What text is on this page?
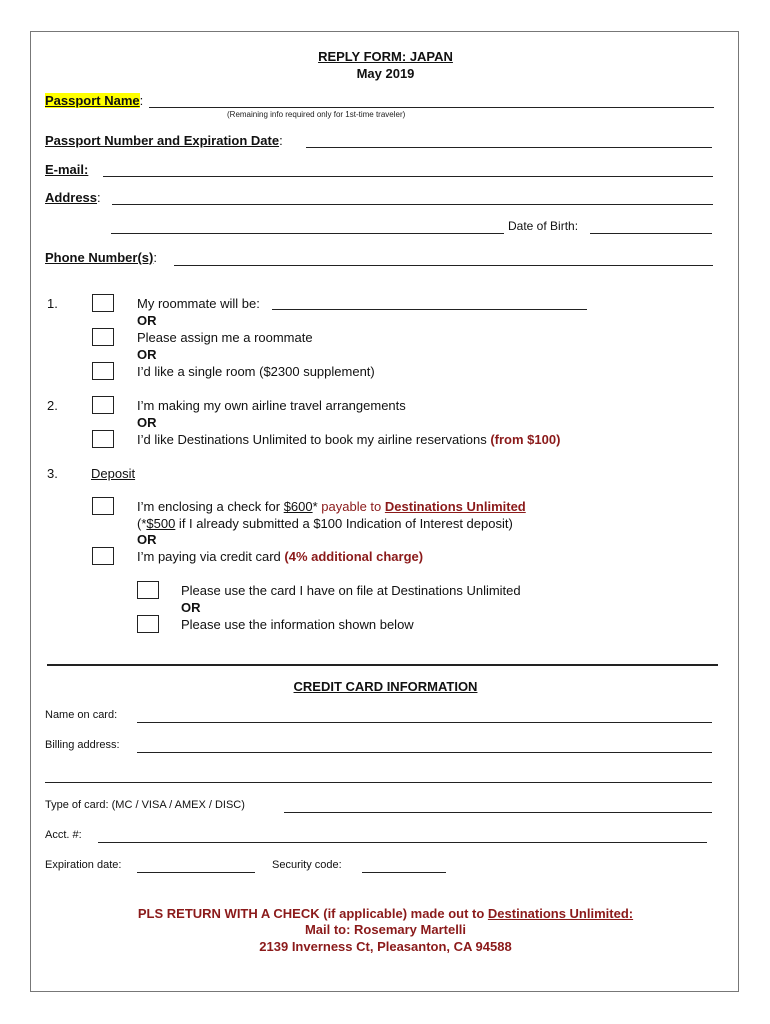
REPLY FORM: JAPAN
May 2019
Passport Name:
(Remaining info required only for 1st-time traveler)
Passport Number and Expiration Date:
E-mail:
Address:
Date of Birth:
Phone Number(s):
1.	My roommate will be:
OR
Please assign me a roommate
OR
I’d like a single room ($2300 supplement)
2.	I’m making my own airline travel arrangements
OR
I’d like Destinations Unlimited to book my airline reservations (from $100)
3.	Deposit
I’m enclosing a check for $600* payable to Destinations Unlimited
(*$500 if I already submitted a $100 Indication of Interest deposit)
OR
I’m paying via credit card (4% additional charge)
Please use the card I have on file at Destinations Unlimited
OR
Please use the information shown below
CREDIT CARD INFORMATION
Name on card:
Billing address:
Type of card: (MC / VISA / AMEX / DISC)
Acct. #:
Expiration date:	Security code:
PLS RETURN WITH A CHECK (if applicable) made out to Destinations Unlimited:
Mail to: Rosemary Martelli
2139 Inverness Ct, Pleasanton, CA 94588
